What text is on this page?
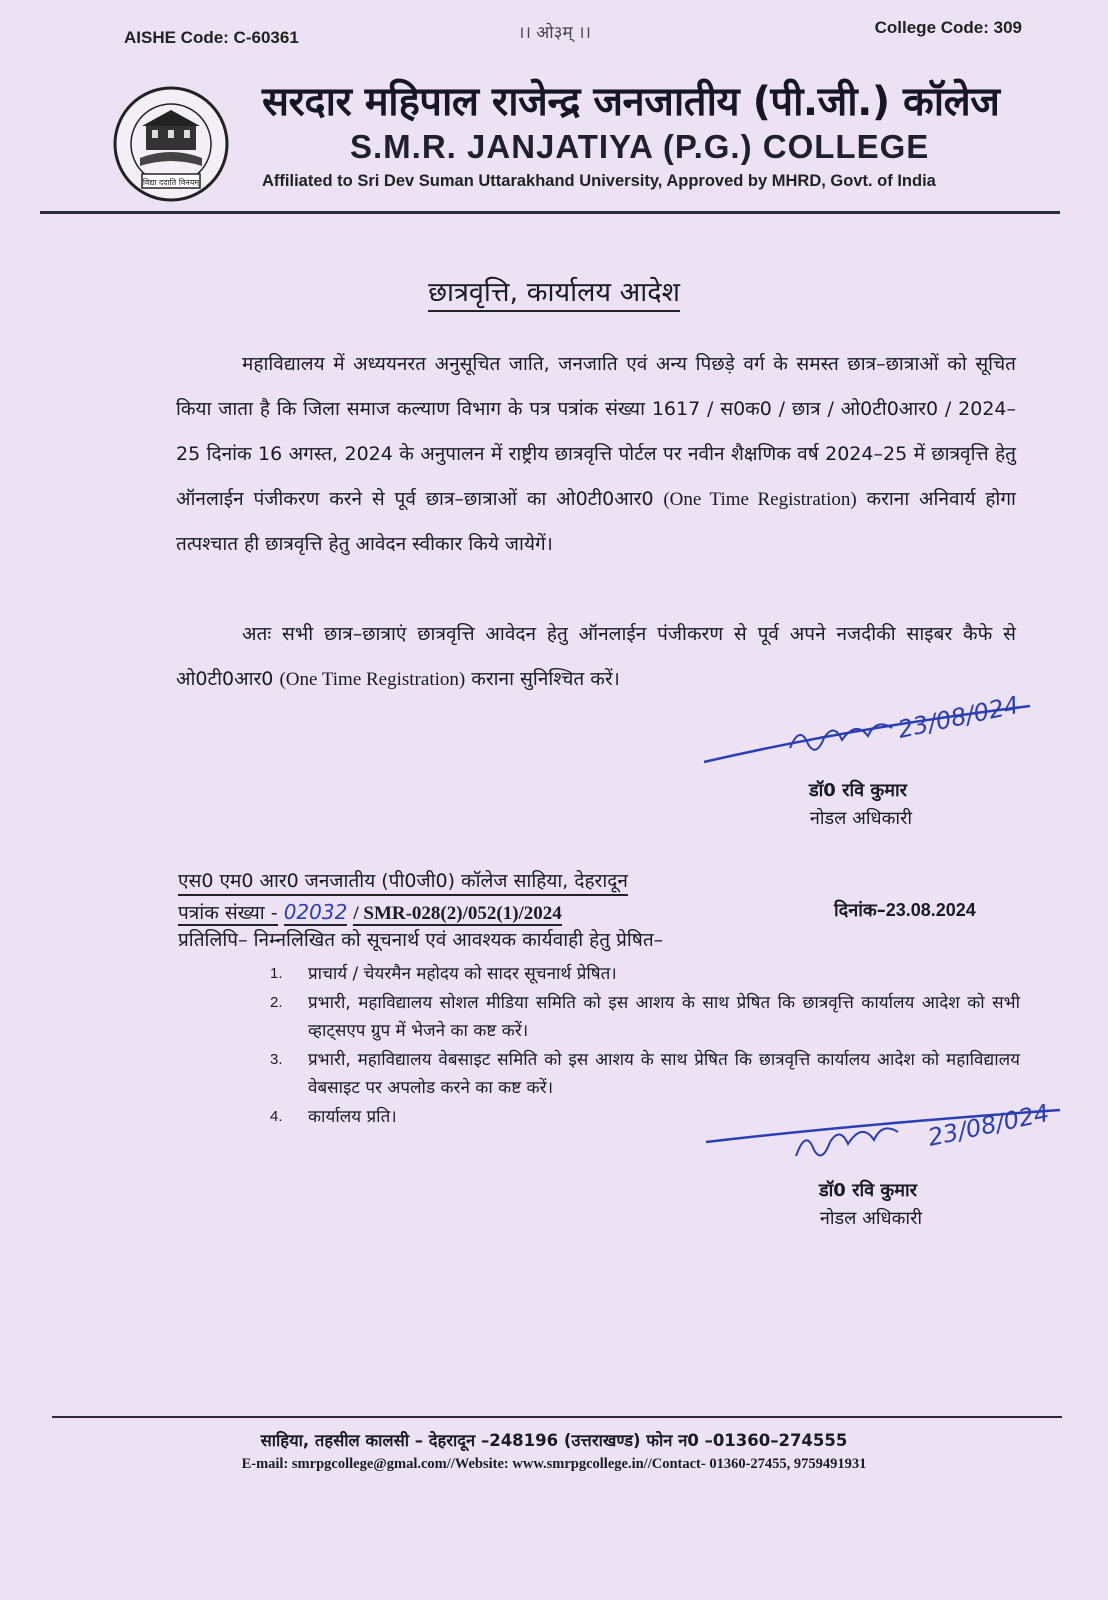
AISHE Code: C-60361	।। ओ३म् ।।	College Code: 309
विद्या ददाति विनयम्
सरदार महिपाल राजेन्द्र जनजातीय (पी.जी.) कॉलेज
S.M.R. JANJATIYA (P.G.) COLLEGE
Affiliated to Sri Dev Suman Uttarakhand University, Approved by MHRD, Govt. of India
छात्रवृत्ति, कार्यालय आदेश
महाविद्यालय में अध्ययनरत अनुसूचित जाति, जनजाति एवं अन्य पिछड़े वर्ग के समस्त छात्र–छात्राओं को सूचित किया जाता है कि जिला समाज कल्याण विभाग के पत्र पत्रांक संख्या 1617 / स0क0 / छात्र / ओ0टी0आर0 / 2024–25 दिनांक 16 अगस्त, 2024 के अनुपालन में राष्ट्रीय छात्रवृत्ति पोर्टल पर नवीन शैक्षणिक वर्ष 2024–25 में छात्रवृत्ति हेतु ऑनलाईन पंजीकरण करने से पूर्व छात्र–छात्राओं का ओ0टी0आर0 (One Time Registration) कराना अनिवार्य होगा तत्पश्चात ही छात्रवृत्ति हेतु आवेदन स्वीकार किये जायेगें।
अतः सभी छात्र–छात्राएं छात्रवृत्ति आवेदन हेतु ऑनलाईन पंजीकरण से पूर्व अपने नजदीकी साइबर कैफे से ओ0टी0आर0 (One Time Registration) कराना सुनिश्चित करें।
23/08/024
डॉ0 रवि कुमार
नोडल अधिकारी
एस0 एम0 आर0 जनजातीय (पी0जी0) कॉलेज साहिया, देहरादून
पत्रांक संख्या - 02032 / SMR-028(2)/052(1)/2024	दिनांक–23.08.2024
प्रतिलिपि– निम्नलिखित को सूचनार्थ एवं आवश्यक कार्यवाही हेतु प्रेषित–
1.	प्राचार्य / चेयरमैन महोदय को सादर सूचनार्थ प्रेषित।
2.	प्रभारी, महाविद्यालय सोशल मीडिया समिति को इस आशय के साथ प्रेषित कि छात्रवृत्ति कार्यालय आदेश को सभी व्हाट्सएप ग्रुप में भेजने का कष्ट करें।
3.	प्रभारी, महाविद्यालय वेबसाइट समिति को इस आशय के साथ प्रेषित कि छात्रवृत्ति कार्यालय आदेश को महाविद्यालय वेबसाइट पर अपलोड करने का कष्ट करें।
4.	कार्यालय प्रति।	23/08/024
डॉ0 रवि कुमार
नोडल अधिकारी
साहिया, तहसील कालसी – देहरादून –248196 (उत्तराखण्ड) फोन न0 –01360–274555
E-mail: smrpgcollege@gmal.com//Website: www.smrpgcollege.in//Contact- 01360-27455, 9759491931
